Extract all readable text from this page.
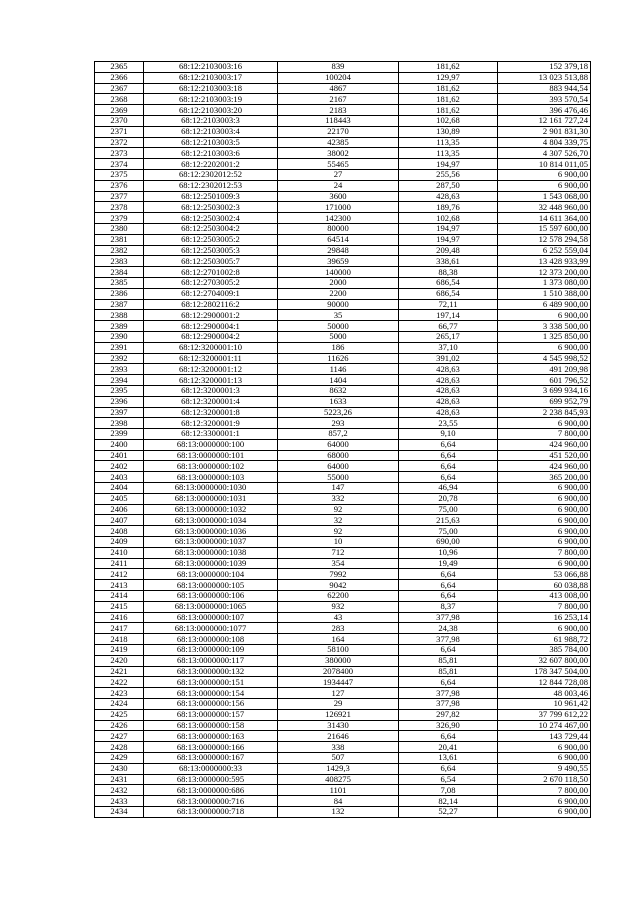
2365	68:12:2103003:16	839	181,62	152 379,18
2366	68:12:2103003:17	100204	129,97	13 023 513,88
2367	68:12:2103003:18	4867	181,62	883 944,54
2368	68:12:2103003:19	2167	181,62	393 570,54
2369	68:12:2103003:20	2183	181,62	396 476,46
2370	68:12:2103003:3	118443	102,68	12 161 727,24
2371	68:12:2103003:4	22170	130,89	2 901 831,30
2372	68:12:2103003:5	42385	113,35	4 804 339,75
2373	68:12:2103003:6	38002	113,35	4 307 526,70
2374	68:12:2202001:2	55465	194,97	10 814 011,05
2375	68:12:2302012:52	27	255,56	6 900,00
2376	68:12:2302012:53	24	287,50	6 900,00
2377	68:12:2501009:3	3600	428,63	1 543 068,00
2378	68:12:2503002:3	171000	189,76	32 448 960,00
2379	68:12:2503002:4	142300	102,68	14 611 364,00
2380	68:12:2503004:2	80000	194,97	15 597 600,00
2381	68:12:2503005:2	64514	194,97	12 578 294,58
2382	68:12:2503005:3	29848	209,48	6 252 559,04
2383	68:12:2503005:7	39659	338,61	13 428 933,99
2384	68:12:2701002:8	140000	88,38	12 373 200,00
2385	68:12:2703005:2	2000	686,54	1 373 080,00
2386	68:12:2704009:1	2200	686,54	1 510 388,00
2387	68:12:2802116:2	90000	72,11	6 489 900,00
2388	68:12:2900001:2	35	197,14	6 900,00
2389	68:12:2900004:1	50000	66,77	3 338 500,00
2390	68:12:2900004:2	5000	265,17	1 325 850,00
2391	68:12:3200001:10	186	37,10	6 900,00
2392	68:12:3200001:11	11626	391,02	4 545 998,52
2393	68:12:3200001:12	1146	428,63	491 209,98
2394	68:12:3200001:13	1404	428,63	601 796,52
2395	68:12:3200001:3	8632	428,63	3 699 934,16
2396	68:12:3200001:4	1633	428,63	699 952,79
2397	68:12:3200001:8	5223,26	428,63	2 238 845,93
2398	68:12:3200001:9	293	23,55	6 900,00
2399	68:12:3300001:1	857,2	9,10	7 800,00
2400	68:13:0000000:100	64000	6,64	424 960,00
2401	68:13:0000000:101	68000	6,64	451 520,00
2402	68:13:0000000:102	64000	6,64	424 960,00
2403	68:13:0000000:103	55000	6,64	365 200,00
2404	68:13:0000000:1030	147	46,94	6 900,00
2405	68:13:0000000:1031	332	20,78	6 900,00
2406	68:13:0000000:1032	92	75,00	6 900,00
2407	68:13:0000000:1034	32	215,63	6 900,00
2408	68:13:0000000:1036	92	75,00	6 900,00
2409	68:13:0000000:1037	10	690,00	6 900,00
2410	68:13:0000000:1038	712	10,96	7 800,00
2411	68:13:0000000:1039	354	19,49	6 900,00
2412	68:13:0000000:104	7992	6,64	53 066,88
2413	68:13:0000000:105	9042	6,64	60 038,88
2414	68:13:0000000:106	62200	6,64	413 008,00
2415	68:13:0000000:1065	932	8,37	7 800,00
2416	68:13:0000000:107	43	377,98	16 253,14
2417	68:13:0000000:1077	283	24,38	6 900,00
2418	68:13:0000000:108	164	377,98	61 988,72
2419	68:13:0000000:109	58100	6,64	385 784,00
2420	68:13:0000000:117	380000	85,81	32 607 800,00
2421	68:13:0000000:132	2078400	85,81	178 347 504,00
2422	68:13:0000000:151	1934447	6,64	12 844 728,08
2423	68:13:0000000:154	127	377,98	48 003,46
2424	68:13:0000000:156	29	377,98	10 961,42
2425	68:13:0000000:157	126921	297,82	37 799 612,22
2426	68:13:0000000:158	31430	326,90	10 274 467,00
2427	68:13:0000000:163	21646	6,64	143 729,44
2428	68:13:0000000:166	338	20,41	6 900,00
2429	68:13:0000000:167	507	13,61	6 900,00
2430	68:13:0000000:33	1429,3	6,64	9 490,55
2431	68:13:0000000:595	408275	6,54	2 670 118,50
2432	68:13:0000000:686	1101	7,08	7 800,00
2433	68:13:0000000:716	84	82,14	6 900,00
2434	68:13:0000000:718	132	52,27	6 900,00
